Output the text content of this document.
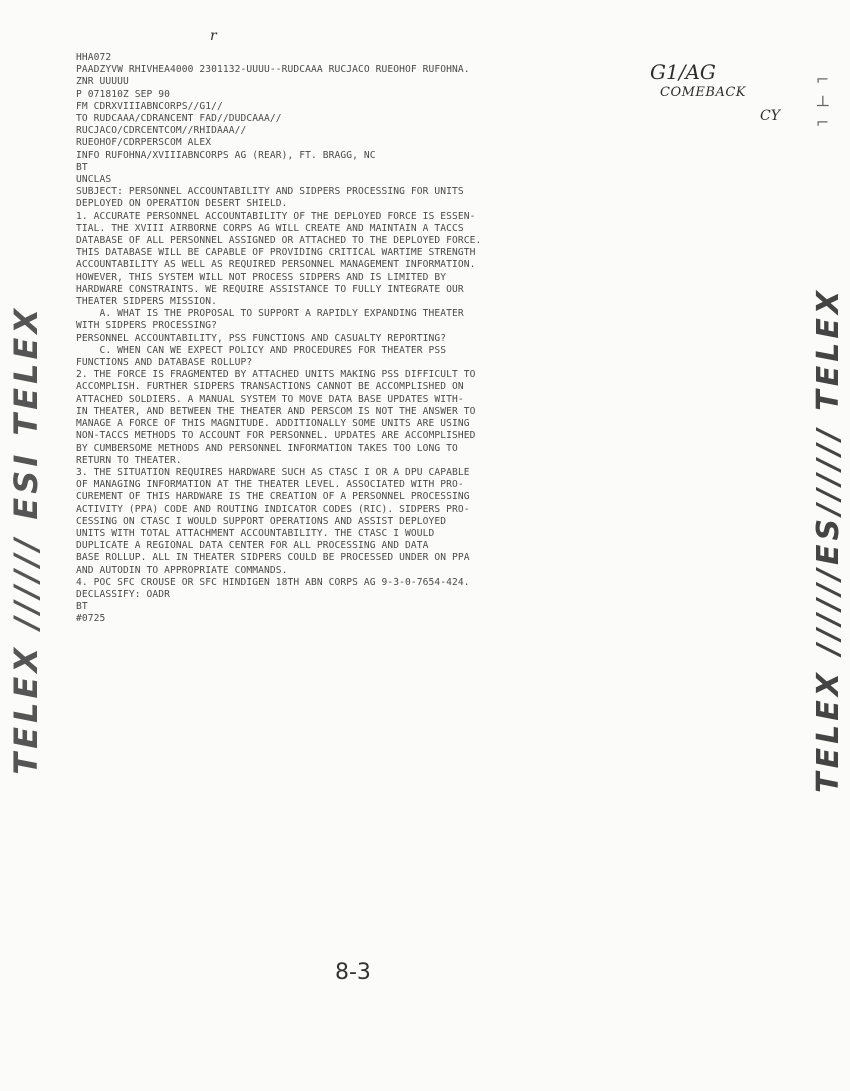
TELEX ////// ESI TELEX	TELEX //////ES////// TELEX
⌐ ⊣ ⌐
r
G1/AG
COMEBACK
CY
HHA072
PAADZYVW RHIVHEA4000 2301132-UUUU--RUDCAAA RUCJACO RUEOHOF RUFOHNA.
ZNR UUUUU
P 071810Z SEP 90
FM CDRXVIIIABNCORPS//G1//
TO RUDCAAA/CDRANCENT FAD//DUDCAAA//
RUCJACO/CDRCENTCOM//RHIDAAA//
RUEOHOF/CDRPERSCOM ALEX
INFO RUFOHNA/XVIIIABNCORPS AG (REAR), FT. BRAGG, NC
BT
UNCLAS
SUBJECT: PERSONNEL ACCOUNTABILITY AND SIDPERS PROCESSING FOR UNITS
DEPLOYED ON OPERATION DESERT SHIELD.
1. ACCURATE PERSONNEL ACCOUNTABILITY OF THE DEPLOYED FORCE IS ESSEN-
TIAL. THE XVIII AIRBORNE CORPS AG WILL CREATE AND MAINTAIN A TACCS
DATABASE OF ALL PERSONNEL ASSIGNED OR ATTACHED TO THE DEPLOYED FORCE.
THIS DATABASE WILL BE CAPABLE OF PROVIDING CRITICAL WARTIME STRENGTH
ACCOUNTABILITY AS WELL AS REQUIRED PERSONNEL MANAGEMENT INFORMATION.
HOWEVER, THIS SYSTEM WILL NOT PROCESS SIDPERS AND IS LIMITED BY
HARDWARE CONSTRAINTS. WE REQUIRE ASSISTANCE TO FULLY INTEGRATE OUR
THEATER SIDPERS MISSION.
A. WHAT IS THE PROPOSAL TO SUPPORT A RAPIDLY EXPANDING THEATER
WITH SIDPERS PROCESSING?
PERSONNEL ACCOUNTABILITY, PSS FUNCTIONS AND CASUALTY REPORTING?
C. WHEN CAN WE EXPECT POLICY AND PROCEDURES FOR THEATER PSS
FUNCTIONS AND DATABASE ROLLUP?
2. THE FORCE IS FRAGMENTED BY ATTACHED UNITS MAKING PSS DIFFICULT TO
ACCOMPLISH. FURTHER SIDPERS TRANSACTIONS CANNOT BE ACCOMPLISHED ON
ATTACHED SOLDIERS. A MANUAL SYSTEM TO MOVE DATA BASE UPDATES WITH-
IN THEATER, AND BETWEEN THE THEATER AND PERSCOM IS NOT THE ANSWER TO
MANAGE A FORCE OF THIS MAGNITUDE. ADDITIONALLY SOME UNITS ARE USING
NON-TACCS METHODS TO ACCOUNT FOR PERSONNEL. UPDATES ARE ACCOMPLISHED
BY CUMBERSOME METHODS AND PERSONNEL INFORMATION TAKES TOO LONG TO
RETURN TO THEATER.
3. THE SITUATION REQUIRES HARDWARE SUCH AS CTASC I OR A DPU CAPABLE
OF MANAGING INFORMATION AT THE THEATER LEVEL. ASSOCIATED WITH PRO-
CUREMENT OF THIS HARDWARE IS THE CREATION OF A PERSONNEL PROCESSING
ACTIVITY (PPA) CODE AND ROUTING INDICATOR CODES (RIC). SIDPERS PRO-
CESSING ON CTASC I WOULD SUPPORT OPERATIONS AND ASSIST DEPLOYED
UNITS WITH TOTAL ATTACHMENT ACCOUNTABILITY. THE CTASC I WOULD
DUPLICATE A REGIONAL DATA CENTER FOR ALL PROCESSING AND DATA
BASE ROLLUP. ALL IN THEATER SIDPERS COULD BE PROCESSED UNDER ON PPA
AND AUTODIN TO APPROPRIATE COMMANDS.
4. POC SFC CROUSE OR SFC HINDIGEN 18TH ABN CORPS AG 9-3-0-7654-424.
DECLASSIFY: OADR
BT
#0725
8-3
